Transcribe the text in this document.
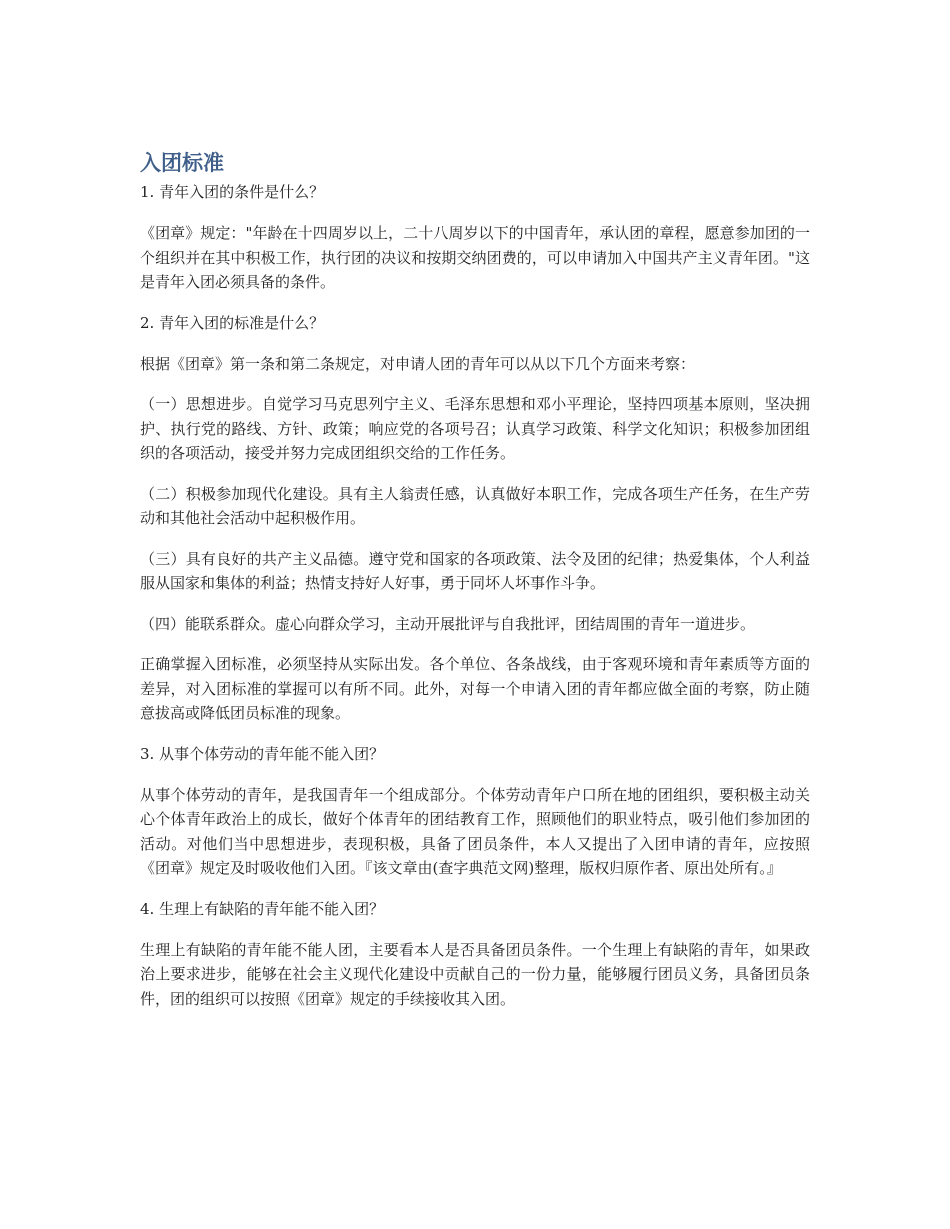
入团标准
1. 青年入团的条件是什么？
《团章》规定："年龄在十四周岁以上，二十八周岁以下的中国青年，承认团的章程，愿意参加团的一个组织并在其中积极工作，执行团的决议和按期交纳团费的，可以申请加入中国共产主义青年团。"这是青年入团必须具备的条件。
2. 青年入团的标准是什么？
根据《团章》第一条和第二条规定，对申请人团的青年可以从以下几个方面来考察：
（一）思想进步。自觉学习马克思列宁主义、毛泽东思想和邓小平理论，坚持四项基本原则，坚决拥护、执行党的路线、方针、政策；响应党的各项号召；认真学习政策、科学文化知识；积极参加团组织的各项活动，接受并努力完成团组织交给的工作任务。
（二）积极参加现代化建设。具有主人翁责任感，认真做好本职工作，完成各项生产任务，在生产劳动和其他社会活动中起积极作用。
（三）具有良好的共产主义品德。遵守党和国家的各项政策、法令及团的纪律；热爱集体，个人利益服从国家和集体的利益；热情支持好人好事，勇于同坏人坏事作斗争。
（四）能联系群众。虚心向群众学习，主动开展批评与自我批评，团结周围的青年一道进步。
正确掌握入团标准，必须坚持从实际出发。各个单位、各条战线，由于客观环境和青年素质等方面的差异，对入团标准的掌握可以有所不同。此外，对每一个申请入团的青年都应做全面的考察，防止随意拔高或降低团员标准的现象。
3. 从事个体劳动的青年能不能入团？
从事个体劳动的青年，是我国青年一个组成部分。个体劳动青年户口所在地的团组织，要积极主动关心个体青年政治上的成长，做好个体青年的团结教育工作，照顾他们的职业特点，吸引他们参加团的活动。对他们当中思想进步，表现积极，具备了团员条件，本人又提出了入团申请的青年，应按照《团章》规定及时吸收他们入团。『该文章由(查字典范文网)整理，版权归原作者、原出处所有。』
4. 生理上有缺陷的青年能不能入团？
生理上有缺陷的青年能不能人团，主要看本人是否具备团员条件。一个生理上有缺陷的青年，如果政治上要求进步，能够在社会主义现代化建设中贡献自己的一份力量，能够履行团员义务，具备团员条件，团的组织可以按照《团章》规定的手续接收其入团。
